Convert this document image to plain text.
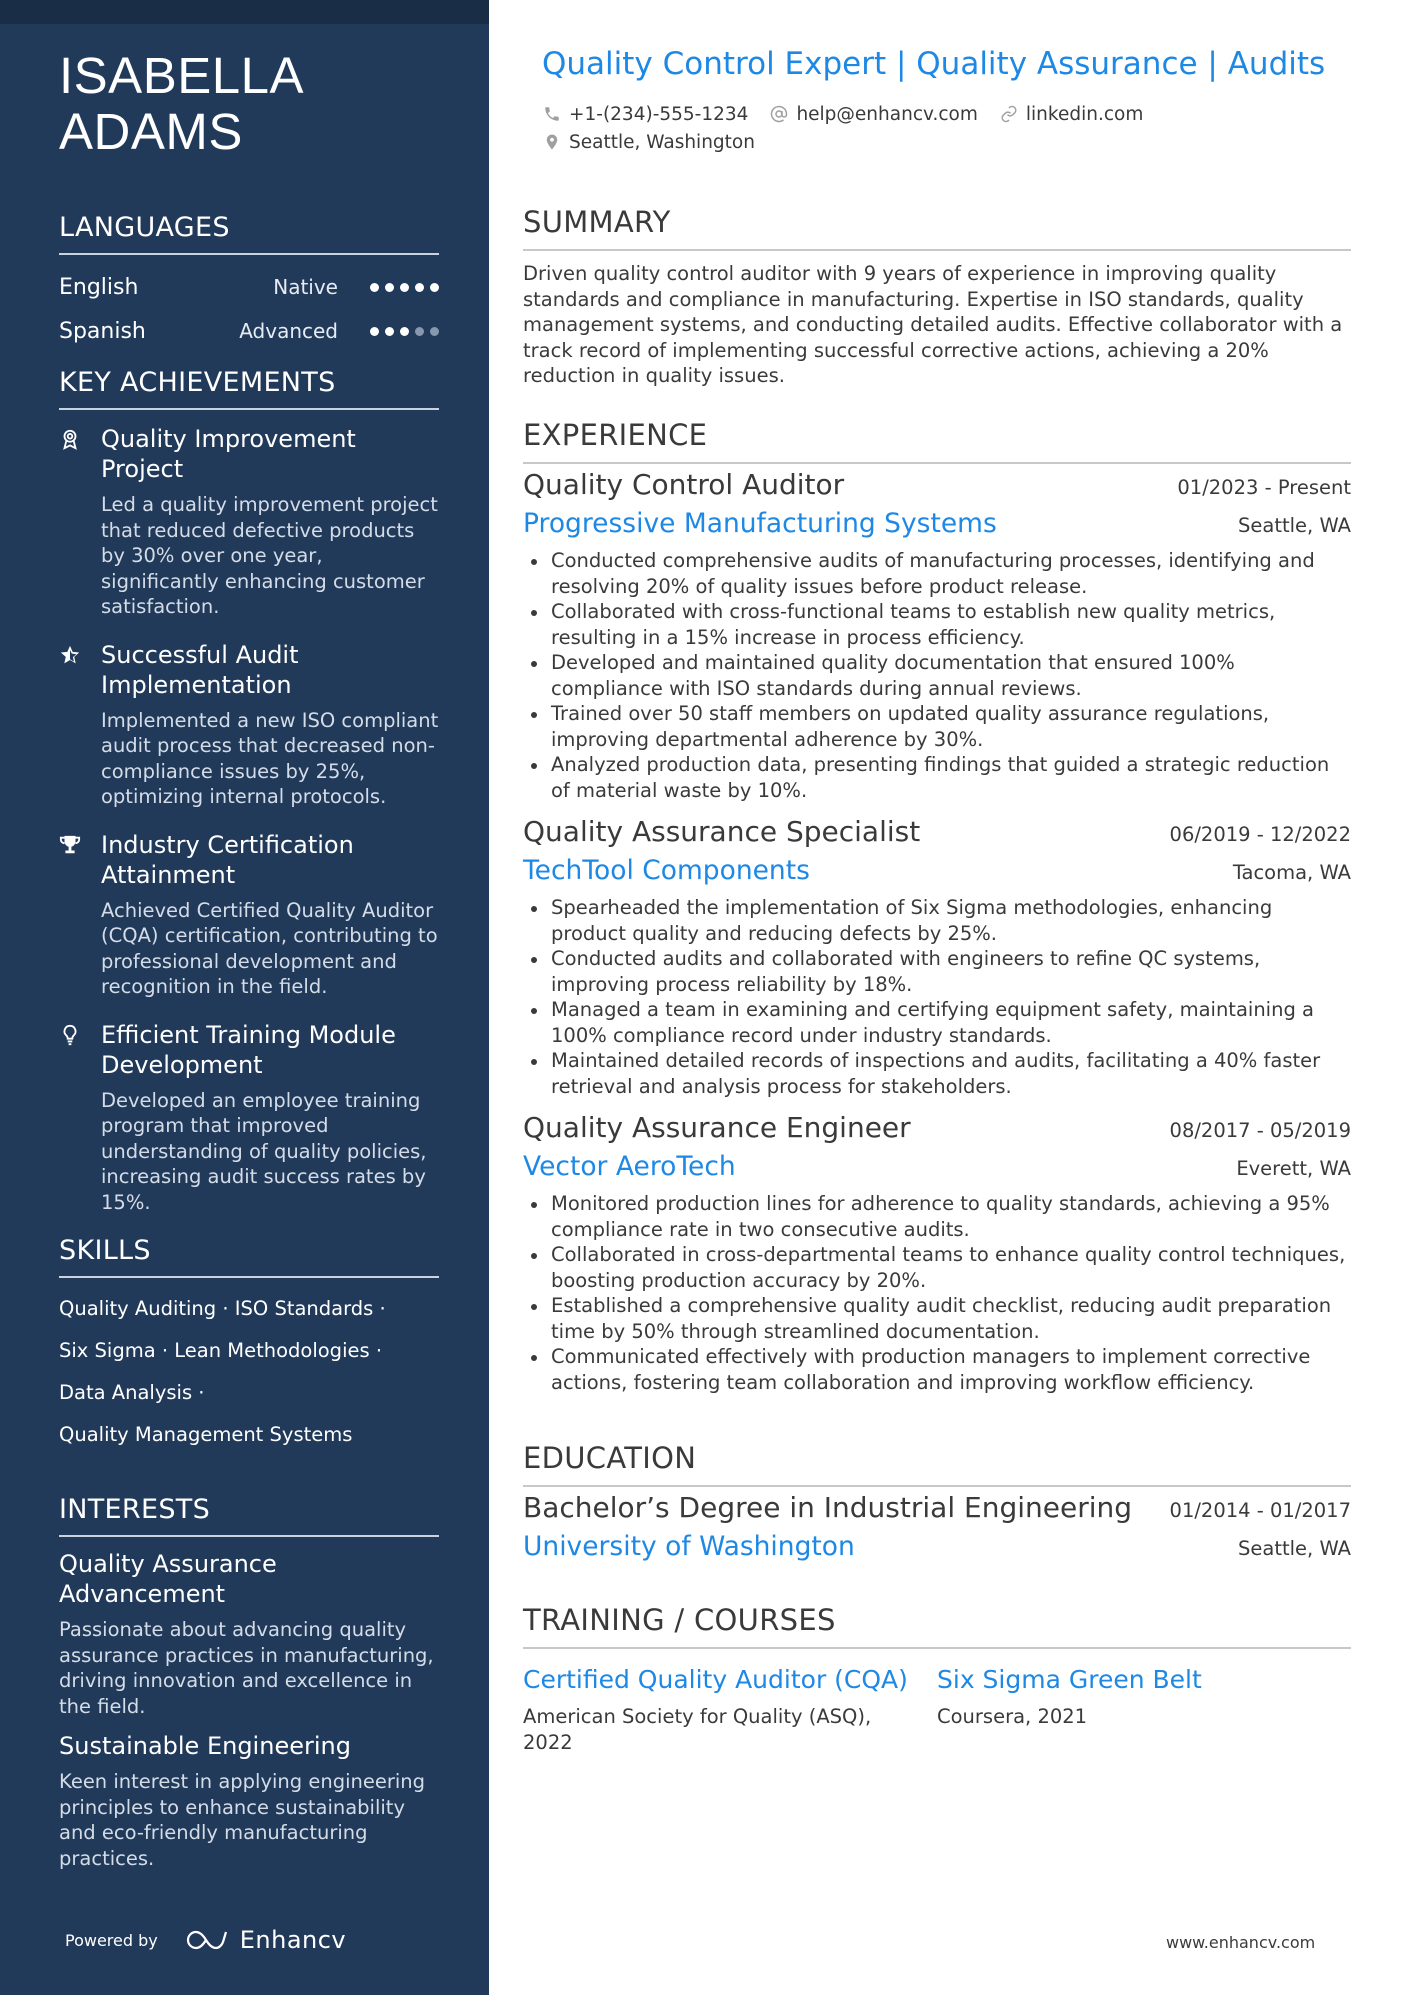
ISABELLA
ADAMS
LANGUAGES
English	Native
Spanish	Advanced
KEY ACHIEVEMENTS
Quality Improvement Project
Led a quality improvement project that reduced defective products by 30% over one year, significantly enhancing customer satisfaction.
Successful Audit Implementation
Implemented a new ISO compliant audit process that decreased non-compliance issues by 25%, optimizing internal protocols.
Industry Certification Attainment
Achieved Certified Quality Auditor (CQA) certification, contributing to professional development and recognition in the field.
Efficient Training Module Development
Developed an employee training program that improved understanding of quality policies, increasing audit success rates by 15%.
SKILLS
Quality Auditing · ISO Standards ·
Six Sigma · Lean Methodologies ·
Data Analysis ·
Quality Management Systems
INTERESTS
Quality Assurance Advancement
Passionate about advancing quality assurance practices in manufacturing, driving innovation and excellence in the field.
Sustainable Engineering
Keen interest in applying engineering principles to enhance sustainability and eco-friendly manufacturing practices.
Powered by	Enhancv
Quality Control Expert | Quality Assurance | Audits
+1-(234)-555-1234	help@enhancv.com	linkedin.com
Seattle, Washington
SUMMARY

Driven quality control auditor with 9 years of experience in improving quality standards and compliance in manufacturing. Expertise in ISO standards, quality management systems, and conducting detailed audits. Effective collaborator with a track record of implementing successful corrective actions, achieving a 20% reduction in quality issues.

EXPERIENCE
Quality Control Auditor	01/2023 - Present
Progressive Manufacturing Systems	Seattle, WA
Conducted comprehensive audits of manufacturing processes, identifying and resolving 20% of quality issues before product release.
Collaborated with cross-functional teams to establish new quality metrics, resulting in a 15% increase in process efficiency.
Developed and maintained quality documentation that ensured 100% compliance with ISO standards during annual reviews.
Trained over 50 staff members on updated quality assurance regulations, improving departmental adherence by 30%.
Analyzed production data, presenting findings that guided a strategic reduction of material waste by 10%.
Quality Assurance Specialist	06/2019 - 12/2022
TechTool Components	Tacoma, WA
Spearheaded the implementation of Six Sigma methodologies, enhancing product quality and reducing defects by 25%.
Conducted audits and collaborated with engineers to refine QC systems, improving process reliability by 18%.
Managed a team in examining and certifying equipment safety, maintaining a 100% compliance record under industry standards.
Maintained detailed records of inspections and audits, facilitating a 40% faster retrieval and analysis process for stakeholders.
Quality Assurance Engineer	08/2017 - 05/2019
Vector AeroTech	Everett, WA
Monitored production lines for adherence to quality standards, achieving a 95% compliance rate in two consecutive audits.
Collaborated in cross-departmental teams to enhance quality control techniques, boosting production accuracy by 20%.
Established a comprehensive quality audit checklist, reducing audit preparation time by 50% through streamlined documentation.
Communicated effectively with production managers to implement corrective actions, fostering team collaboration and improving workflow efficiency.
EDUCATION
Bachelor’s Degree in Industrial Engineering 01/2014 - 01/2017
University of Washington	Seattle, WA
TRAINING / COURSES
Certified Quality Auditor (CQA)
American Society for Quality (ASQ), 2022
Six Sigma Green Belt
Coursera, 2021
www.enhancv.com
